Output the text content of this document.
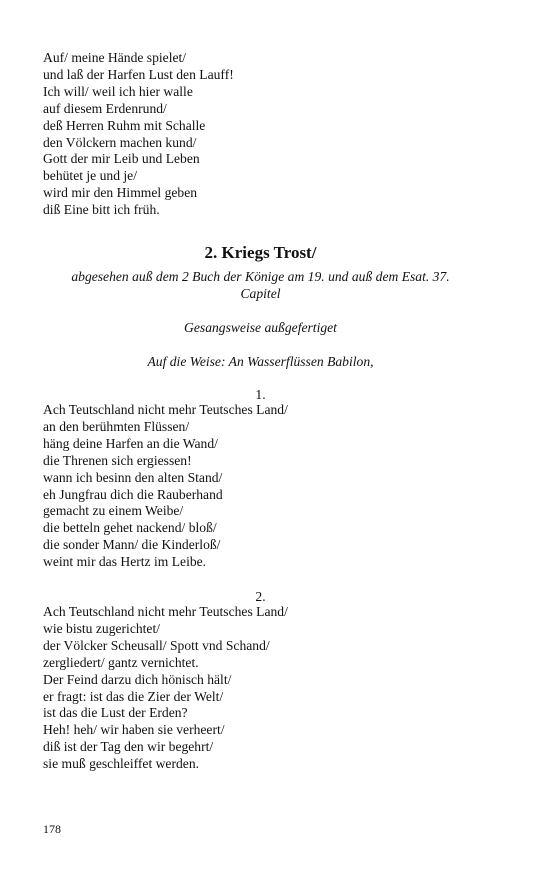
Auf/ meine Hände spielet/
und laß der Harfen Lust den Lauff!
Ich will/ weil ich hier walle
auf diesem Erdenrund/
deß Herren Ruhm mit Schalle
den Völckern machen kund/
Gott der mir Leib und Leben
behütet je und je/
wird mir den Himmel geben
diß Eine bitt ich früh.
2. Kriegs Trost/

abgesehen auß dem 2 Buch der Könige am 19. und auß dem Esat. 37.
Capitel

Gesangsweise außgefertiget

Auf die Weise: An Wasserflüssen Babilon,

1.
Ach Teutschland nicht mehr Teutsches Land/
an den berühmten Flüssen/
häng deine Harfen an die Wand/
die Threnen sich ergiessen!
wann ich besinn den alten Stand/
eh Jungfrau dich die Rauberhand
gemacht zu einem Weibe/
die betteln gehet nackend/ bloß/
die sonder Mann/ die Kinderloß/
weint mir das Hertz im Leibe.
2.
Ach Teutschland nicht mehr Teutsches Land/
wie bistu zugerichtet/
der Völcker Scheusall/ Spott vnd Schand/
zergliedert/ gantz vernichtet.
Der Feind darzu dich hönisch hält/
er fragt: ist das die Zier der Welt/
ist das die Lust der Erden?
Heh! heh/ wir haben sie verheert/
diß ist der Tag den wir begehrt/
sie muß geschleiffet werden.
178
